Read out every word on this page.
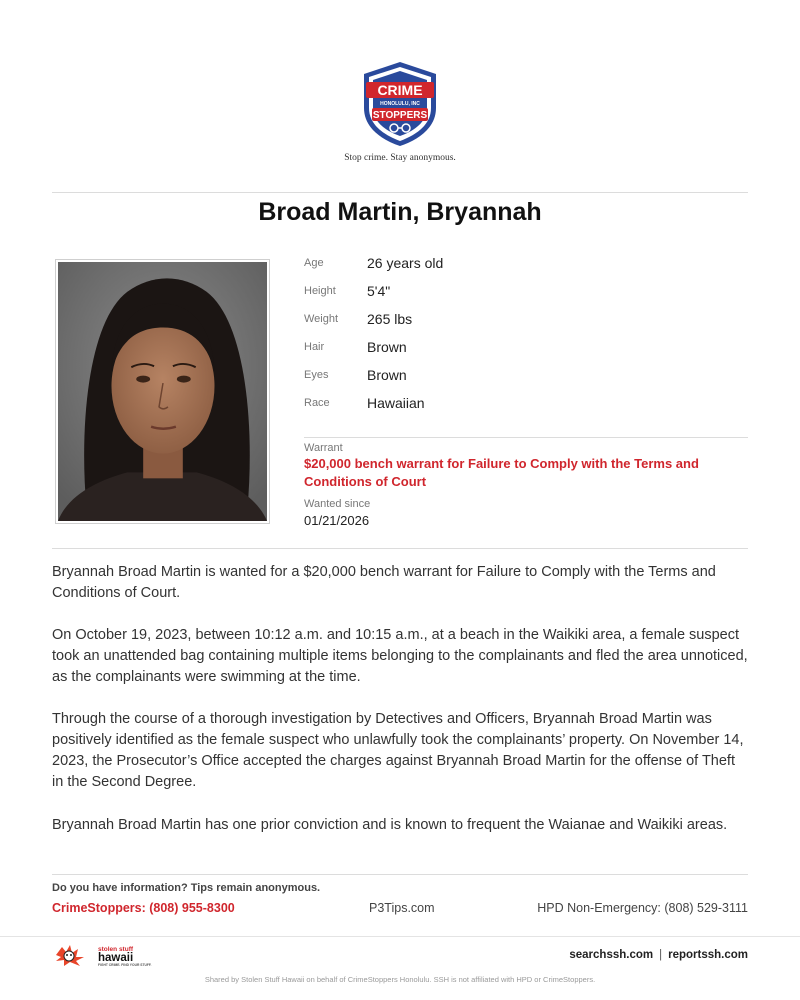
CRIME
HONOLULU, INC
STOPPERS
Stop crime. Stay anonymous.
Broad Martin, Bryannah
Age	26 years old
Height 5'4"
Weight 265 lbs
Hair	Brown
Eyes	Brown
Race	Hawaiian
Warrant
$20,000 bench warrant for Failure to Comply with the Terms and Conditions of Court
Wanted since
01/21/2026

Bryannah Broad Martin is wanted for a $20,000 bench warrant for Failure to Comply with the Terms and Conditions of Court.

On October 19, 2023, between 10:12 a.m. and 10:15 a.m., at a beach in the Waikiki area, a female suspect took an unattended bag containing multiple items belonging to the complainants and fled the area unnoticed, as the complainants were swimming at the time.

Through the course of a thorough investigation by Detectives and Officers, Bryannah Broad Martin was positively identified as the female suspect who unlawfully took the complainants’ property. On November 14, 2023, the Prosecutor’s Office accepted the charges against Bryannah Broad Martin for the offense of Theft in the Second Degree.

Bryannah Broad Martin has one prior conviction and is known to frequent the Waianae and Waikiki areas.

Do you have information? Tips remain anonymous.
CrimeStoppers: (808) 955-8300	P3Tips.com	HPD Non-Emergency: (808) 529-3111
stolen stuff
hawaii
FIGHT CRIME. FIND YOUR STUFF.
searchssh.com | reportssh.com
Shared by Stolen Stuff Hawaii on behalf of CrimeStoppers Honolulu. SSH is not affiliated with HPD or CrimeStoppers.
